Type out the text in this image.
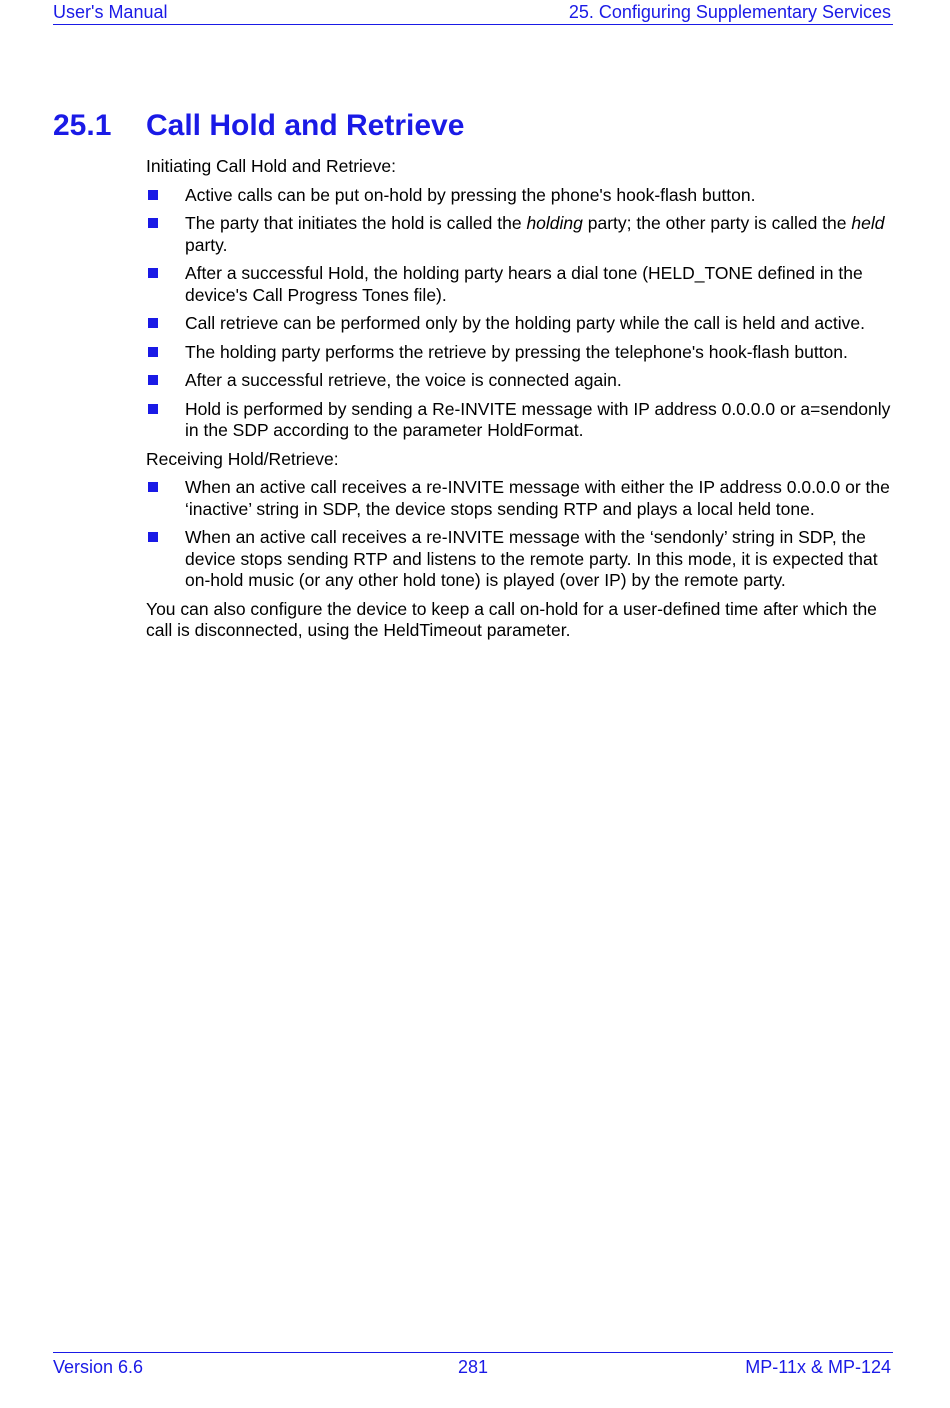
User's Manual	25. Configuring Supplementary Services
25.1 Call Hold and Retrieve

Initiating Call Hold and Retrieve:

Active calls can be put on-hold by pressing the phone's hook-flash button.
The party that initiates the hold is called the holding party; the other party is called the held party.
After a successful Hold, the holding party hears a dial tone (HELD_TONE defined in the device's Call Progress Tones file).
Call retrieve can be performed only by the holding party while the call is held and active.
The holding party performs the retrieve by pressing the telephone's hook-flash button.
After a successful retrieve, the voice is connected again.
Hold is performed by sending a Re-INVITE message with IP address 0.0.0.0 or a=sendonly in the SDP according to the parameter HoldFormat.

Receiving Hold/Retrieve:

When an active call receives a re-INVITE message with either the IP address 0.0.0.0 or the ‘inactive’ string in SDP, the device stops sending RTP and plays a local held tone.
When an active call receives a re-INVITE message with the ‘sendonly’ string in SDP, the device stops sending RTP and listens to the remote party. In this mode, it is expected that on-hold music (or any other hold tone) is played (over IP) by the remote party.

You can also configure the device to keep a call on-hold for a user-defined time after which the call is disconnected, using the HeldTimeout parameter.

Version 6.6	281	MP-11x & MP-124
